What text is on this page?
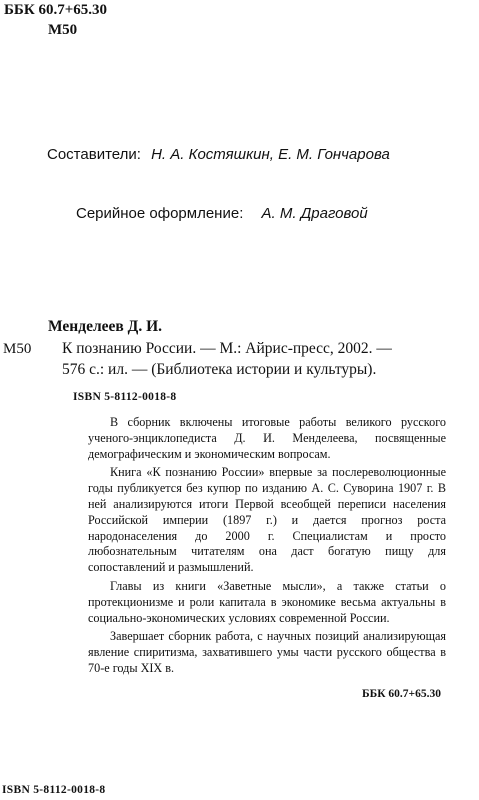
ББК 60.7+65.30
М50
Составители: Н. А. Костяшкин, Е. М. Гончарова
Серийное оформление: А. М. Драговой
Менделеев Д. И.
М50 К познанию России. — М.: Айрис-пресс, 2002. —
576 с.: ил. — (Библиотека истории и культуры).
ISBN 5-8112-0018-8

В сборник включены итоговые работы великого русского ученого-энциклопедиста Д. И. Менделеева, посвященные демографическим и экономическим вопросам.

Книга «К познанию России» впервые за послереволюционные годы публикуется без купюр по изданию А. С. Суворина 1907 г. В ней анализируются итоги Первой всеобщей переписи населения Российской империи (1897 г.) и дается прогноз роста народонаселения до 2000 г. Специалистам и просто любознательным читателям она даст богатую пищу для сопоставлений и размышлений.

Главы из книги «Заветные мысли», а также статьи о протекционизме и роли капитала в экономике весьма актуальны в социально-экономических условиях современной России.

Завершает сборник работа, с научных позиций анализирующая явление спиритизма, захватившего умы части русского общества в 70-е годы XIX в.

ББК 60.7+65.30
ISBN 5-8112-0018-8
